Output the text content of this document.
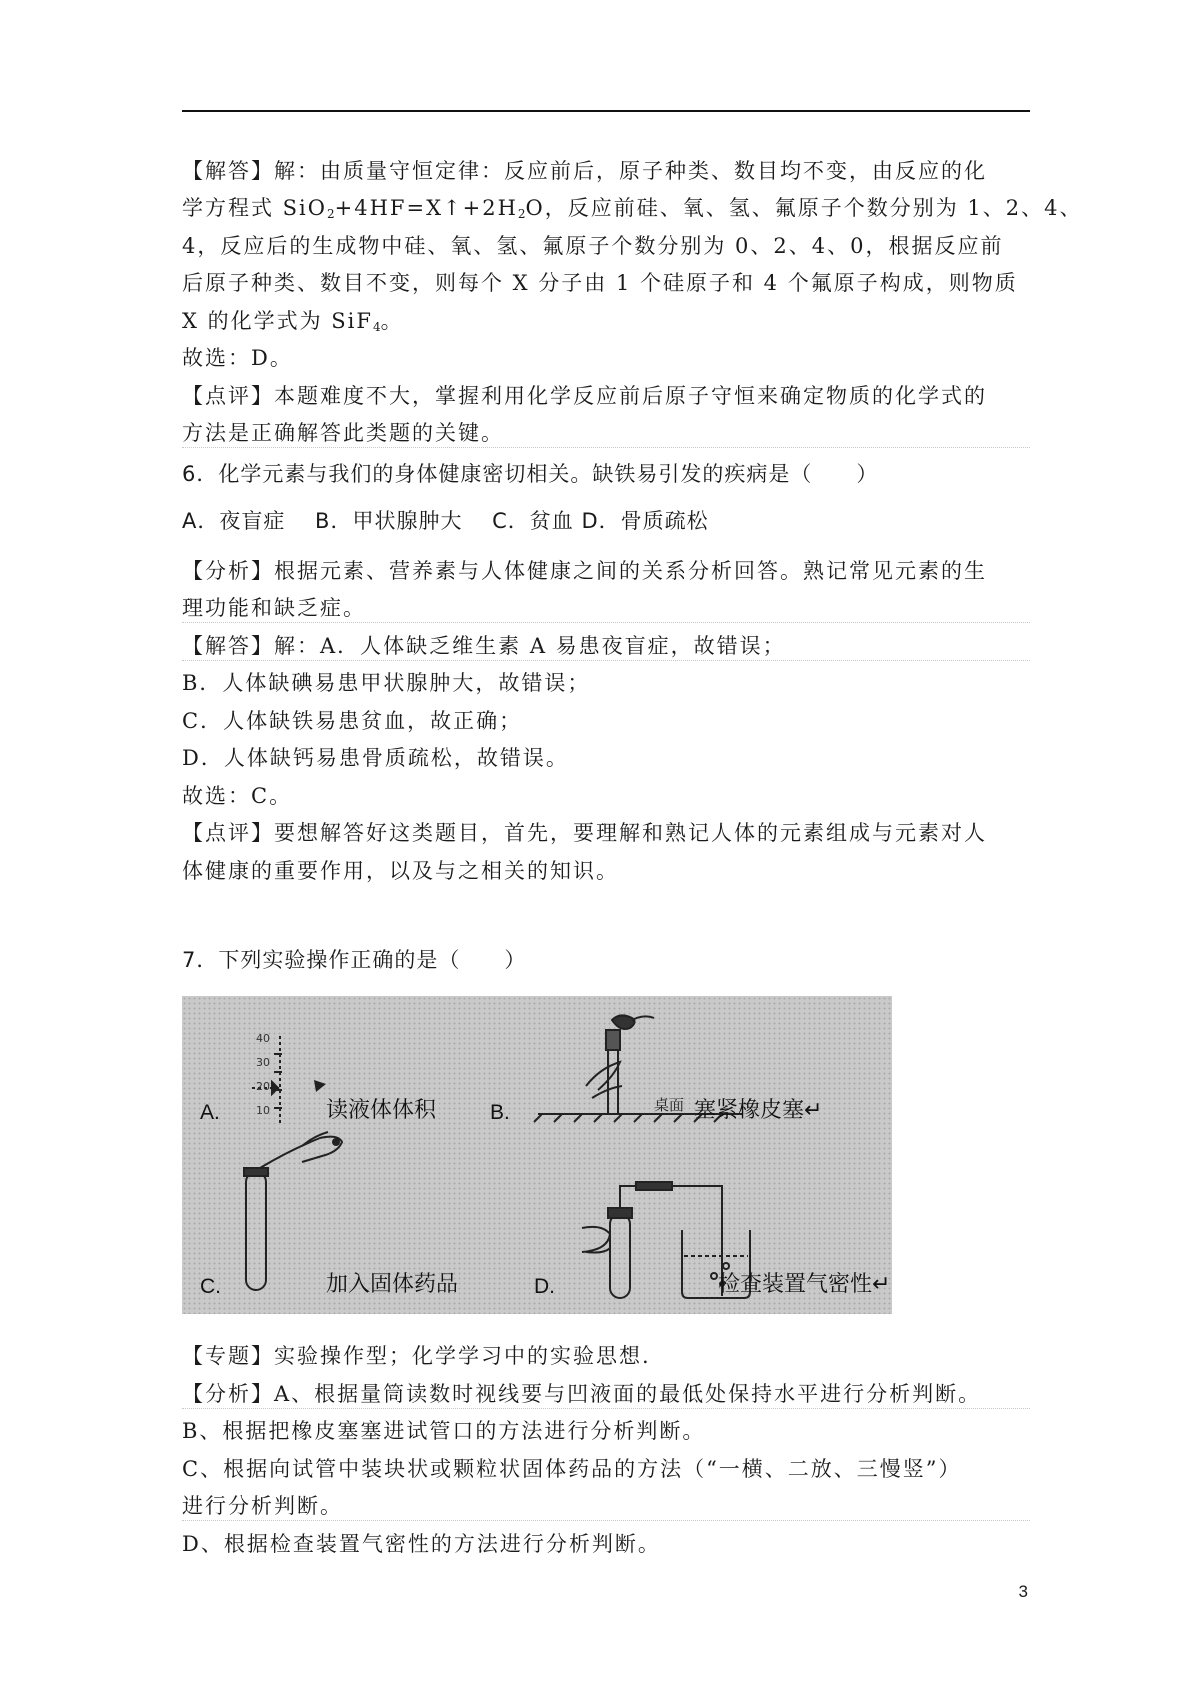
【解答】解：由质量守恒定律：反应前后，原子种类、数目均不变，由反应的化
学方程式 $SiO_2+4HF=X↑+2H_2O$，反应前硅、氧、氢、氟原子个数分别为 1、2、4、
4，反应后的生成物中硅、氧、氢、氟原子个数分别为 0、2、4、0，根据反应前
后原子种类、数目不变，则每个 X 分子由 1 个硅原子和 4 个氟原子构成，则物质
X 的化学式为 SiF$_4$。
故选：D。
【点评】本题难度不大，掌握利用化学反应前后原子守恒来确定物质的化学式的
方法是正确解答此类题的关键。
6．化学元素与我们的身体健康密切相关。缺铁易引发的疾病是（　　）
A．夜盲症　 B．甲状腺肿大　 C．贫血 D．骨质疏松
【分析】根据元素、营养素与人体健康之间的关系分析回答。熟记常见元素的生
理功能和缺乏症。
【解答】解：A．人体缺乏维生素 A 易患夜盲症，故错误；
B．人体缺碘易患甲状腺肿大，故错误；
C．人体缺铁易患贫血，故正确；
D．人体缺钙易患骨质疏松，故错误。
故选：C。
【点评】要想解答好这类题目，首先，要理解和熟记人体的元素组成与元素对人
体健康的重要作用，以及与之相关的知识。
7．下列实验操作正确的是（　　）
40
30
20
10	桌面
A.	读液体体积	B.	塞紧橡皮塞↵
C.	加入固体药品	D.	检查装置气密性↵
【专题】实验操作型；化学学习中的实验思想.
【分析】A、根据量筒读数时视线要与凹液面的最低处保持水平进行分析判断。
B、根据把橡皮塞塞进试管口的方法进行分析判断。
C、根据向试管中装块状或颗粒状固体药品的方法（“一横、二放、三慢竖”）
进行分析判断。
D、根据检查装置气密性的方法进行分析判断。
3
